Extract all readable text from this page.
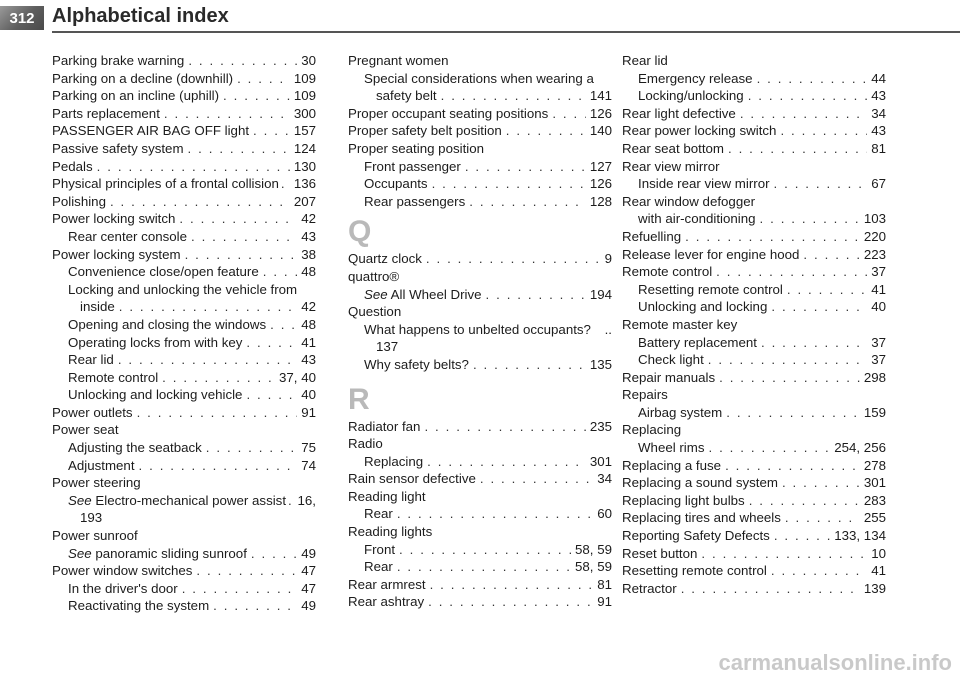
312 Alphabetical index
Parking brake warning . . .	30
Parking on a decline (downhill) . . .	109
Parking on an incline (uphill) . . .	109
Parts replacement . . .	300
PASSENGER AIR BAG OFF light . . .	157
Passive safety system . . .	124
Pedals . . .	130
Physical principles of a frontal collision . . . 136
Polishing . . .	207
Power locking switch . . .	42
Rear center console . . .	43
Power locking system . . .	38
Convenience close/open feature . . .	48
Locking and unlocking the vehicle from
inside . . .	42
Opening and closing the windows . . .	48
Operating locks from with key . . .	41
Rear lid . . .	43
Remote control . . .	37, 40
Unlocking and locking vehicle . . .	40
Power outlets . . .	91
Power seat
Adjusting the seatback . . .	75
Adjustment . . .	74
Power steering
See Electro-mechanical power assist . . . 16,
193
Power sunroof
See panoramic sliding sunroof . . .	49
Power window switches . . .	47
In the driver's door . . .	47
Reactivating the system . . .	49
Pregnant women
Special considerations when wearing a
safety belt . . .	141
Proper occupant seating positions . . .	126
Proper safety belt position . . .	140
Proper seating position
Front passenger . . .	127
Occupants . . .	126
Rear passengers . . .	128
Q
Quartz clock . . .	9
quattro®
See All Wheel Drive . . .	194
Question
What happens to unbelted occupants? ..
137
Why safety belts? . . .	135
R
Radiator fan . . .	235
Radio
Replacing . . .	301
Rain sensor defective . . .	34
Reading light
Rear . . .	60
Reading lights
Front . . .	58, 59
Rear . . .	58, 59
Rear armrest . . .	81
Rear ashtray . . .	91
Rear lid
Emergency release . . .	44
Locking/unlocking . . .	43
Rear light defective . . .	34
Rear power locking switch . . .	43
Rear seat bottom . . .	81
Rear view mirror
Inside rear view mirror . . .	67
Rear window defogger
with air-conditioning . . .	103
Refuelling . . .	220
Release lever for engine hood . . .	223
Remote control . . .	37
Resetting remote control . . .	41
Unlocking and locking . . .	40
Remote master key
Battery replacement . . .	37
Check light . . .	37
Repair manuals . . .	298
Repairs
Airbag system . . .	159
Replacing
Wheel rims . . .	254, 256
Replacing a fuse . . .	278
Replacing a sound system . . .	301
Replacing light bulbs . . .	283
Replacing tires and wheels . . .	255
Reporting Safety Defects . . .	133, 134
Reset button . . .	10
Resetting remote control . . .	41
Retractor . . .	139
carmanualsonline.info
